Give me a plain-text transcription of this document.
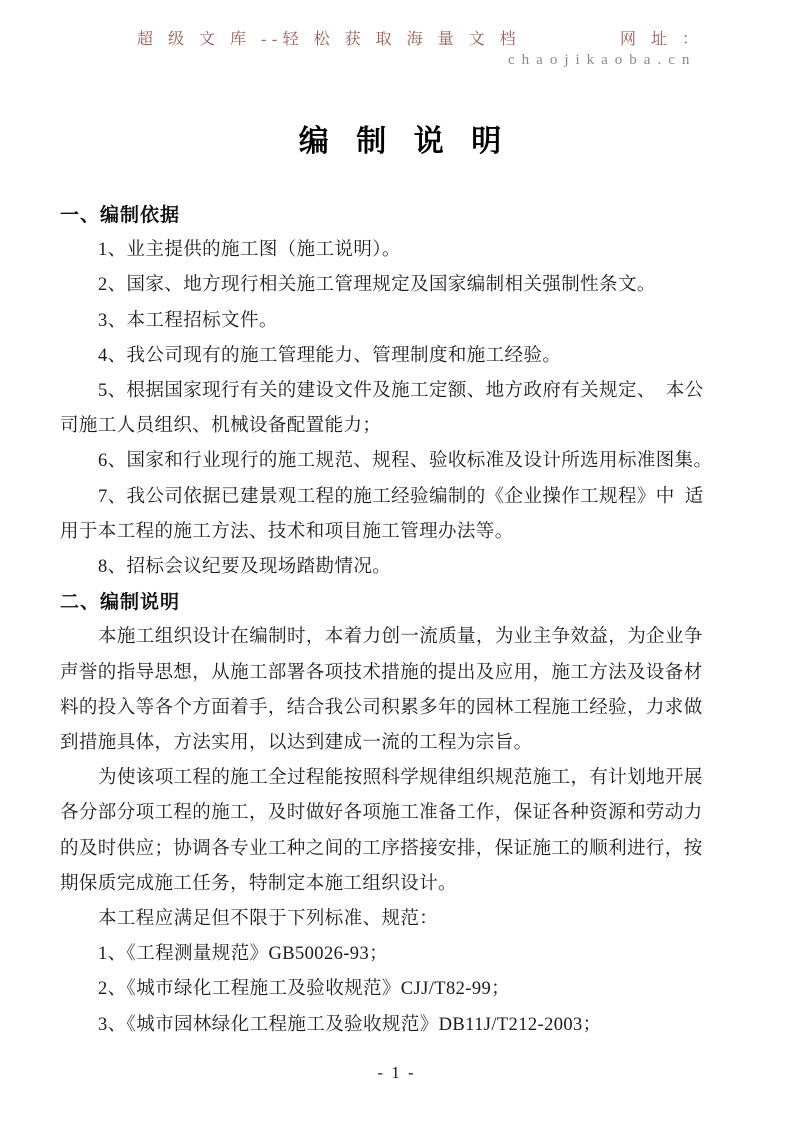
超 级 文 库 --轻 松 获 取 海 量 文 档	网 址 ：
chaojikaoba.cn
编 制 说 明
一、编制依据
1、业主提供的施工图（施工说明）。
2、国家、地方现行相关施工管理规定及国家编制相关强制性条文。
3、本工程招标文件。
4、我公司现有的施工管理能力、管理制度和施工经验。
5、根据国家现行有关的建设文件及施工定额、地方政府有关规定、  本公
司施工人员组织、机械设备配置能力；
6、国家和行业现行的施工规范、规程、验收标准及设计所选用标准图集。
7、我公司依据已建景观工程的施工经验编制的《企业操作工规程》中  适
用于本工程的施工方法、技术和项目施工管理办法等。
8、招标会议纪要及现场踏勘情况。
二、编制说明
本施工组织设计在编制时，本着力创一流质量，为业主争效益，为企业争
声誉的指导思想，从施工部署各项技术措施的提出及应用，施工方法及设备材
料的投入等各个方面着手，结合我公司积累多年的园林工程施工经验，力求做
到措施具体，方法实用，以达到建成一流的工程为宗旨。
为使该项工程的施工全过程能按照科学规律组织规范施工，有计划地开展
各分部分项工程的施工，及时做好各项施工准备工作，保证各种资源和劳动力
的及时供应；协调各专业工种之间的工序搭接安排，保证施工的顺利进行，按
期保质完成施工任务，特制定本施工组织设计。
本工程应满足但不限于下列标准、规范：
1、《工程测量规范》GB50026-93；
2、《城市绿化工程施工及验收规范》CJJ/T82-99；
3、《城市园林绿化工程施工及验收规范》DB11J/T212-2003；
- 1 -
